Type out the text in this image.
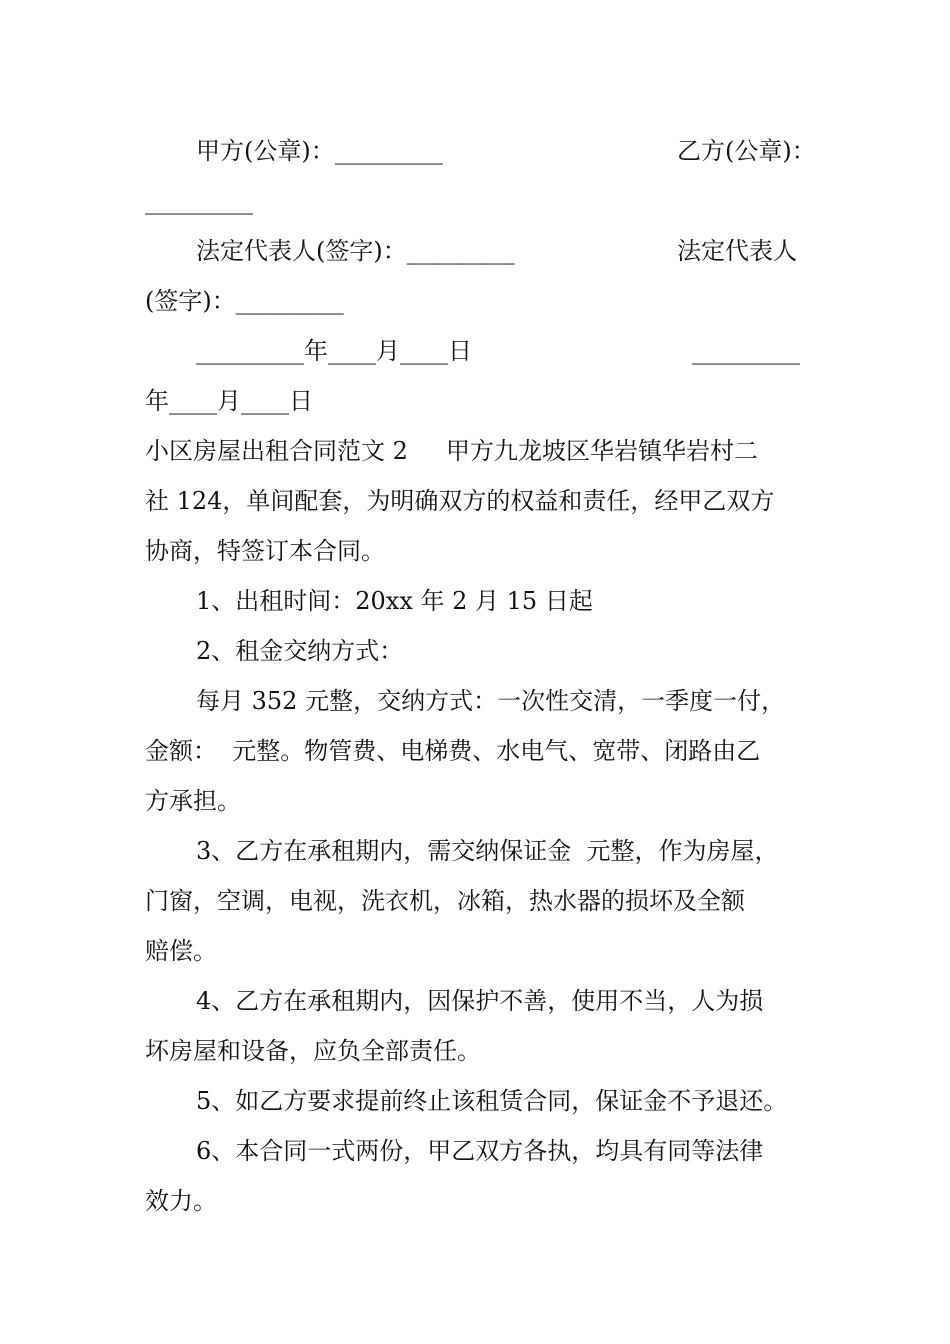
甲方(公章)：_________	乙方(公章)：
_________
法定代表人(签字)：_________	法定代表人
(签字)：_________
_________年____月____日	_________
年____月____日
小区房屋出租合同范文 2     甲方九龙坡区华岩镇华岩村二
社 124，单间配套，为明确双方的权益和责任，经甲乙双方
协商，特签订本合同。
1、出租时间：20xx 年 2 月 15 日起
2、租金交纳方式：
每月 352 元整，交纳方式：一次性交清，一季度一付，
金额：  元整。物管费、电梯费、水电气、宽带、闭路由乙
方承担。
3、乙方在承租期内，需交纳保证金  元整，作为房屋，
门窗，空调，电视，洗衣机，冰箱，热水器的损坏及全额
赔偿。
4、乙方在承租期内，因保护不善，使用不当，人为损
坏房屋和设备，应负全部责任。
5、如乙方要求提前终止该租赁合同，保证金不予退还。
6、本合同一式两份，甲乙双方各执，均具有同等法律
效力。
